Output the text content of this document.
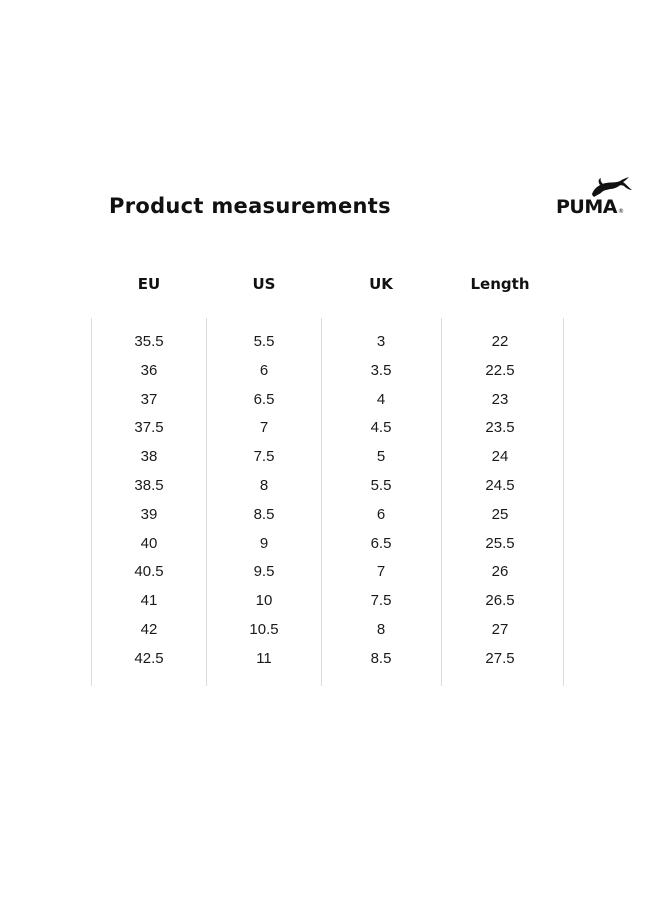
Product measurements	PUMA®
EU	US	UK	Length
35.5	5.5	3	22
36	6	3.5	22.5
37	6.5	4	23
37.5	7	4.5	23.5
38	7.5	5	24
38.5	8	5.5	24.5
39	8.5	6	25
40	9	6.5	25.5
40.5	9.5	7	26
41	10	7.5	26.5
42	10.5	8	27
42.5	11	8.5	27.5
